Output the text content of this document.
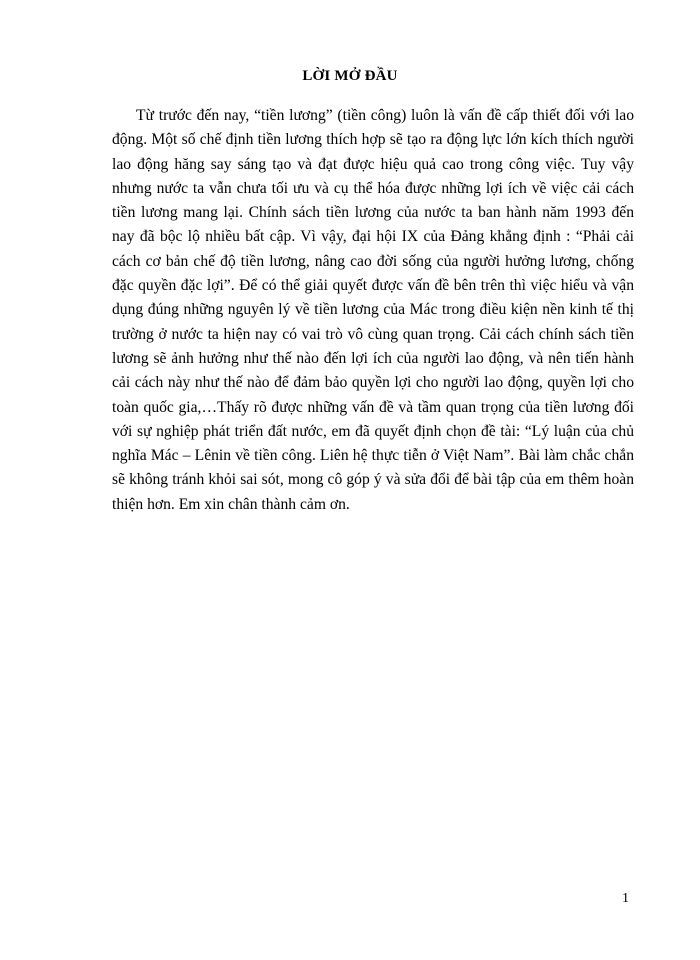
LỜI MỞ ĐẦU

Từ trước đến nay, “tiền lương” (tiền công) luôn là vấn đề cấp thiết đối với lao động. Một số chế định tiền lương thích hợp sẽ tạo ra động lực lớn kích thích người lao động hăng say sáng tạo và đạt được hiệu quả cao trong công việc. Tuy vậy nhưng nước ta vẫn chưa tối ưu và cụ thể hóa được những lợi ích về việc cải cách tiền lương mang lại. Chính sách tiền lương của nước ta ban hành năm 1993 đến nay đã bộc lộ nhiều bất cập. Vì vậy, đại hội IX của Đảng khẳng định : “Phải cải cách cơ bản chế độ tiền lương, nâng cao đời sống của người hưởng lương, chống đặc quyền đặc lợi”. Để có thể giải quyết được vấn đề bên trên thì việc hiểu và vận dụng đúng những nguyên lý về tiền lương của Mác trong điều kiện nền kinh tế thị trường ở nước ta hiện nay có vai trò vô cùng quan trọng. Cải cách chính sách tiền lương sẽ ảnh hưởng như thế nào đến lợi ích của người lao động, và nên tiến hành cải cách này như thế nào để đảm bảo quyền lợi cho người lao động, quyền lợi cho toàn quốc gia,…Thấy rõ được những vấn đề và tầm quan trọng của tiền lương đối với sự nghiệp phát triển đất nước, em đã quyết định chọn đề tài: “Lý luận của chủ nghĩa Mác – Lênin về tiền công. Liên hệ thực tiễn ở Việt Nam”. Bài làm chắc chắn sẽ không tránh khỏi sai sót, mong cô góp ý và sửa đổi để bài tập của em thêm hoàn thiện hơn. Em xin chân thành cảm ơn.

1
